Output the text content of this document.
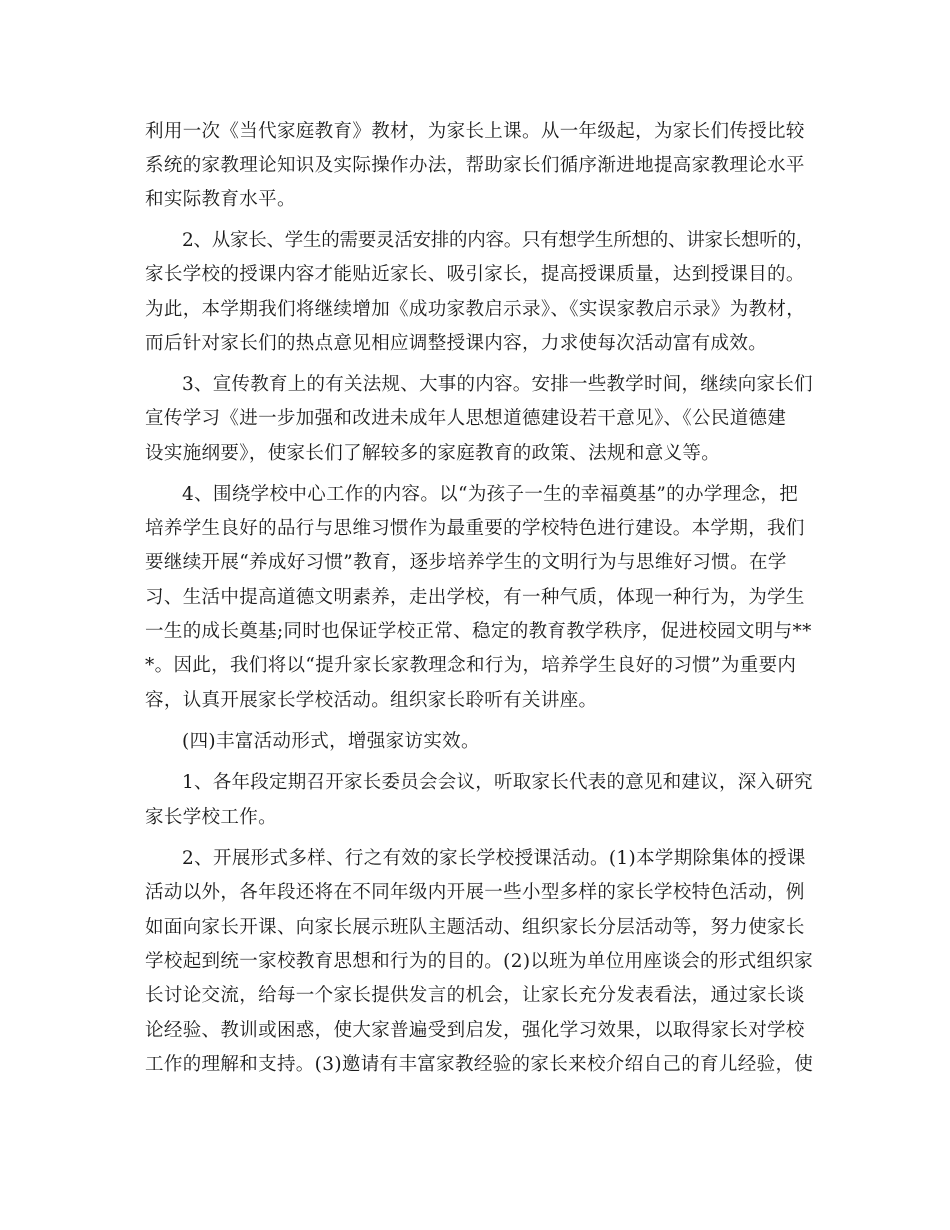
利用一次《当代家庭教育》教材，为家长上课。从一年级起，为家长们传授比较
系统的家教理论知识及实际操作办法，帮助家长们循序渐进地提高家教理论水平
和实际教育水平。
2、从家长、学生的需要灵活安排的内容。只有想学生所想的、讲家长想听的，
家长学校的授课内容才能贴近家长、吸引家长，提高授课质量，达到授课目的。
为此，本学期我们将继续增加《成功家教启示录》、《实误家教启示录》为教材，
而后针对家长们的热点意见相应调整授课内容，力求使每次活动富有成效。
3、宣传教育上的有关法规、大事的内容。安排一些教学时间，继续向家长们
宣传学习《进一步加强和改进未成年人思想道德建设若干意见》、《公民道德建
设实施纲要》，使家长们了解较多的家庭教育的政策、法规和意义等。
4、围绕学校中心工作的内容。以“为孩子一生的幸福奠基”的办学理念，把
培养学生良好的品行与思维习惯作为最重要的学校特色进行建设。本学期，我们
要继续开展“养成好习惯”教育，逐步培养学生的文明行为与思维好习惯。在学
习、生活中提高道德文明素养，走出学校，有一种气质，体现一种行为，为学生
一生的成长奠基;同时也保证学校正常、稳定的教育教学秩序，促进校园文明与**
*。因此，我们将以“提升家长家教理念和行为，培养学生良好的习惯”为重要内
容，认真开展家长学校活动。组织家长聆听有关讲座。
(四)丰富活动形式，增强家访实效。
1、各年段定期召开家长委员会会议，听取家长代表的意见和建议，深入研究
家长学校工作。
2、开展形式多样、行之有效的家长学校授课活动。(1)本学期除集体的授课
活动以外，各年段还将在不同年级内开展一些小型多样的家长学校特色活动，例
如面向家长开课、向家长展示班队主题活动、组织家长分层活动等，努力使家长
学校起到统一家校教育思想和行为的目的。(2)以班为单位用座谈会的形式组织家
长讨论交流，给每一个家长提供发言的机会，让家长充分发表看法，通过家长谈
论经验、教训或困惑，使大家普遍受到启发，强化学习效果，以取得家长对学校
工作的理解和支持。(3)邀请有丰富家教经验的家长来校介绍自己的育儿经验，使
